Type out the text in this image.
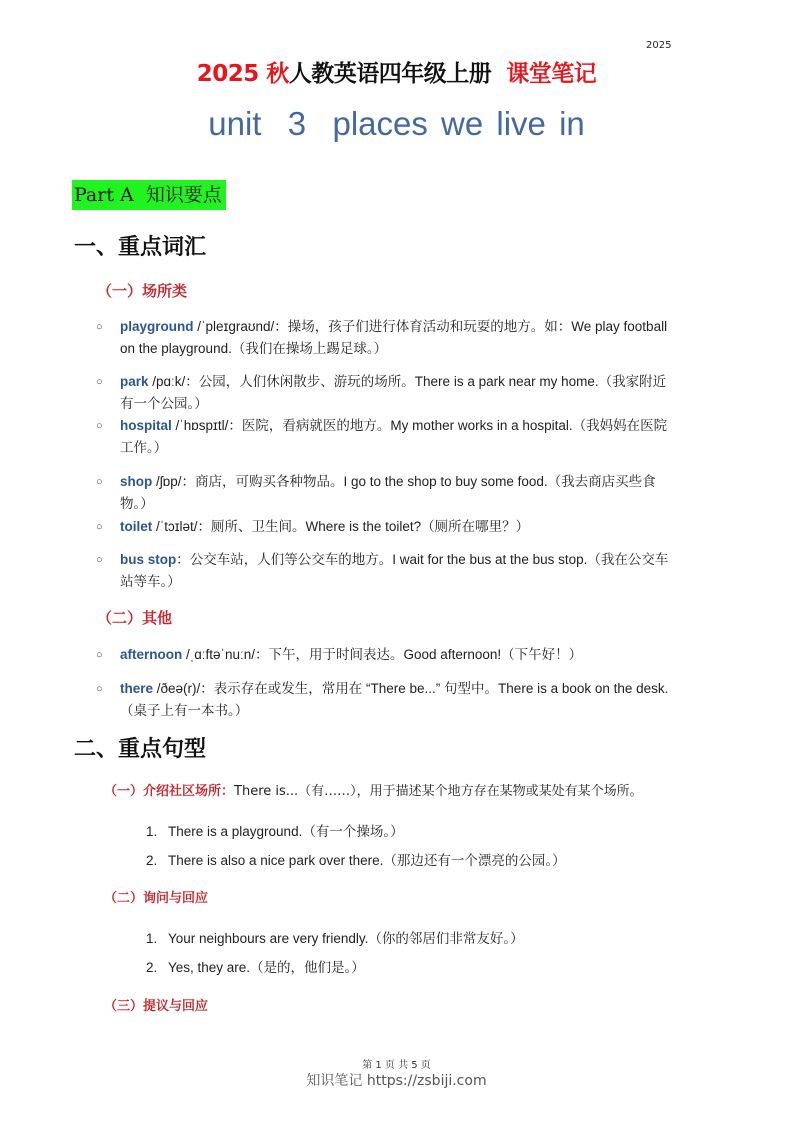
2025
2025 秋人教英语四年级上册 课堂笔记
unit  3  places we live in
Part A  知识要点
一、重点词汇
（一）场所类
○ playground /ˈpleɪɡraʊnd/：操场，孩子们进行体育活动和玩耍的地方。如：We play football
on the playground.（我们在操场上踢足球。）
○ park /pɑːk/：公园，人们休闲散步、游玩的场所。There is a park near my home.（我家附近
有一个公园。）
○ hospital /ˈhɒspɪtl/：医院，看病就医的地方。My mother works in a hospital.（我妈妈在医院
工作。）
○ shop /ʃɒp/：商店，可购买各种物品。I go to the shop to buy some food.（我去商店买些食
物。）
○ toilet /ˈtɔɪlət/：厕所、卫生间。Where is the toilet?（厕所在哪里？）
○ bus stop：公交车站，人们等公交车的地方。I wait for the bus at the bus stop.（我在公交车
站等车。）
（二）其他
○ afternoon /ˌɑːftəˈnuːn/：下午，用于时间表达。Good afternoon!（下午好！）
○ there /ðeə(r)/：表示存在或发生，常用在 “There be...” 句型中。There is a book on the desk.
（桌子上有一本书。）
二、重点句型
（一）介绍社区场所：There is...（有……），用于描述某个地方存在某物或某处有某个场所。
1. There is a playground.（有一个操场。）
2. There is also a nice park over there.（那边还有一个漂亮的公园。）
（二）询问与回应
1. Your neighbours are very friendly.（你的邻居们非常友好。）
2. Yes, they are.（是的，他们是。）
（三）提议与回应
第 1 页 共 5 页
知识笔记 https://zsbiji.com
